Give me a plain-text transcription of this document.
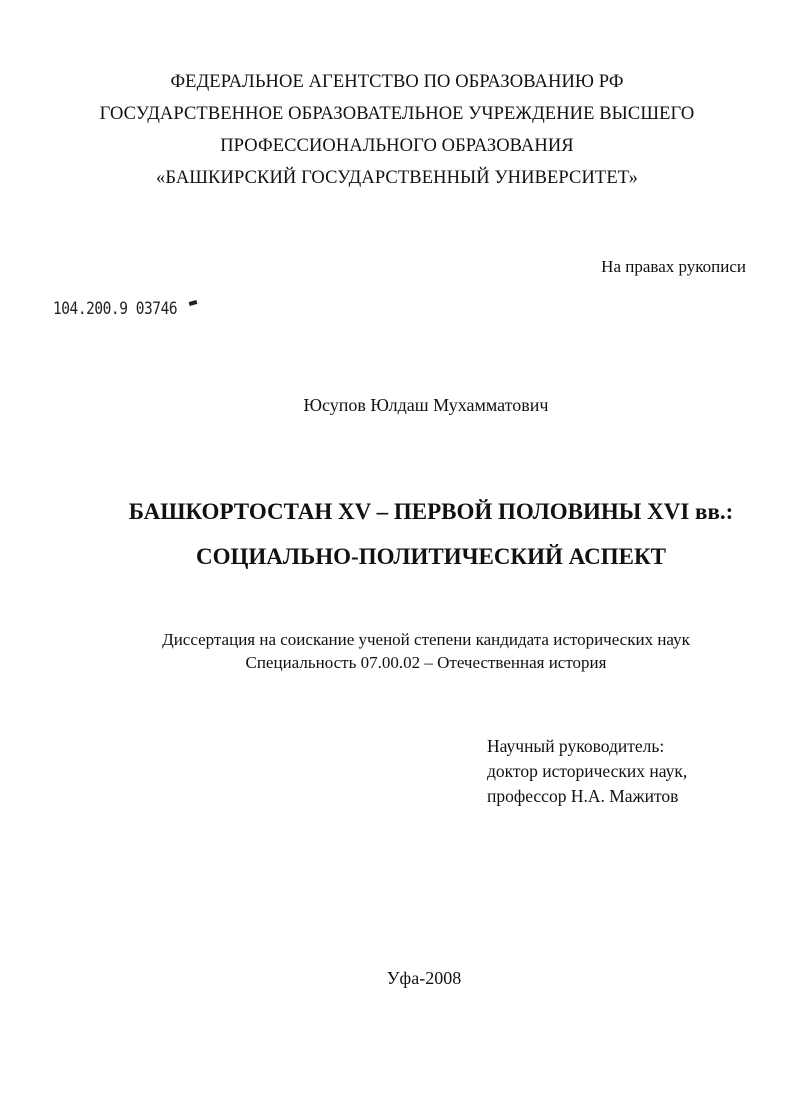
ФЕДЕРАЛЬНОЕ АГЕНТСТВО ПО ОБРАЗОВАНИЮ РФ
ГОСУДАРСТВЕННОЕ ОБРАЗОВАТЕЛЬНОЕ УЧРЕЖДЕНИЕ ВЫСШЕГО
ПРОФЕССИОНАЛЬНОГО ОБРАЗОВАНИЯ
«БАШКИРСКИЙ ГОСУДАРСТВЕННЫЙ УНИВЕРСИТЕТ»
На правах рукописи
104.200.9 03746
Юсупов Юлдаш Мухамматович
БАШКОРТОСТАН XV – ПЕРВОЙ ПОЛОВИНЫ XVI вв.:
СОЦИАЛЬНО-ПОЛИТИЧЕСКИЙ АСПЕКТ
Диссертация на соискание ученой степени кандидата исторических наук
Специальность 07.00.02 – Отечественная история
Научный руководитель:
доктор исторических наук,
профессор Н.А. Мажитов
Уфа-2008
